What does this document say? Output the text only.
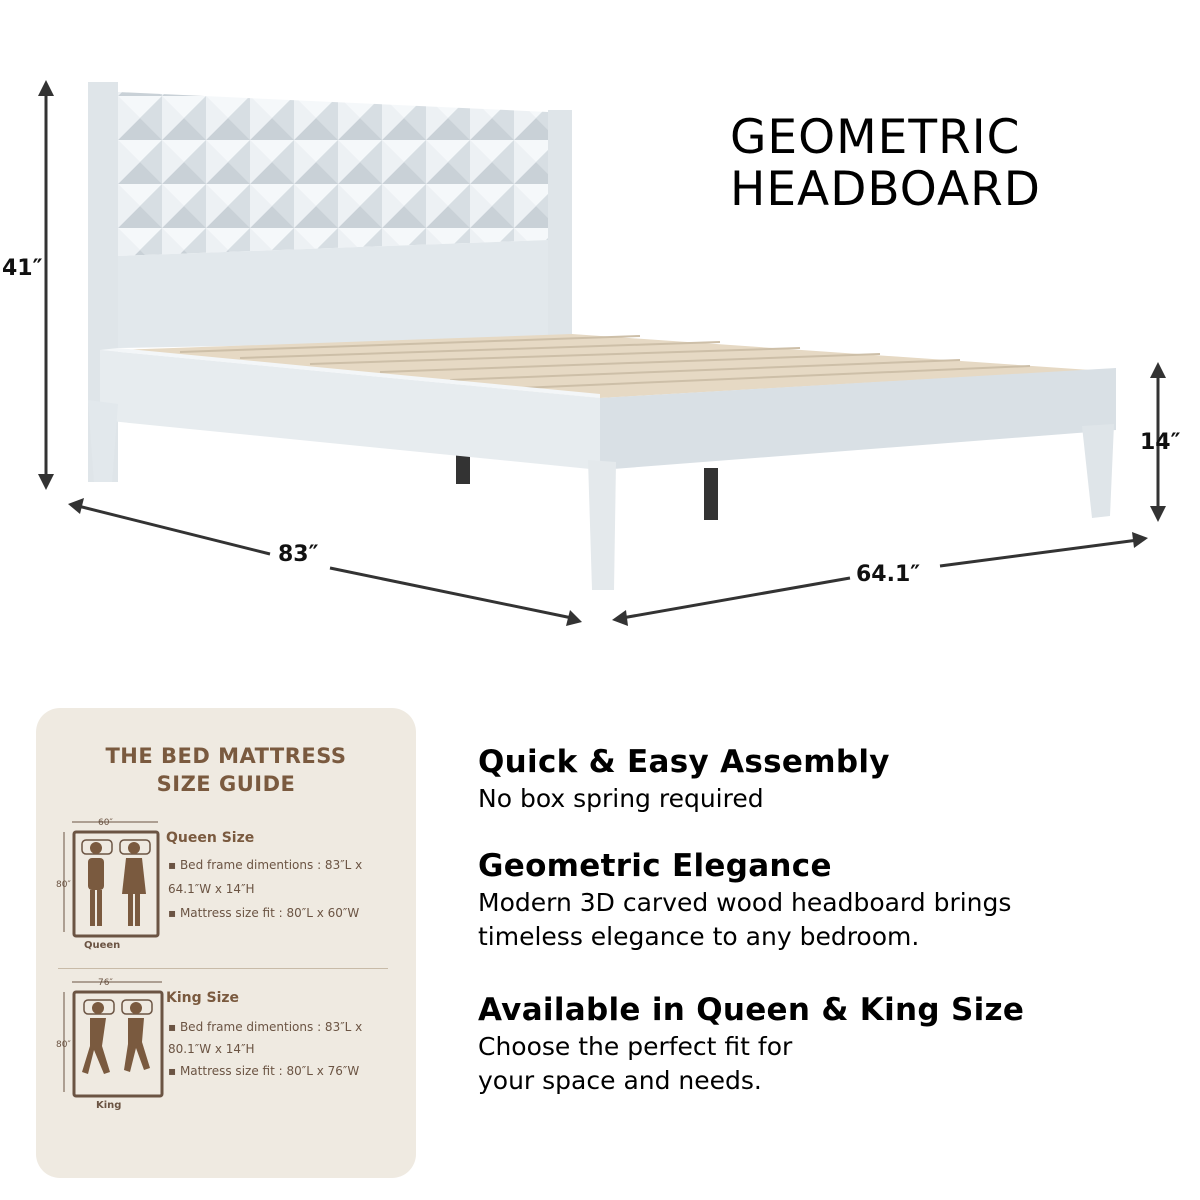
GEOMETRIC
HEADBOARD
41″
83″
64.1″
14″
THE BED MATTRESS
SIZE GUIDE
60″
80″
Queen
Queen Size
▪ Bed frame dimentions : 83″L x
64.1″W x 14″H
▪ Mattress size fit : 80″L x 60″W
76″
80″
King
King Size
▪ Bed frame dimentions : 83″L x
80.1″W x 14″H
▪ Mattress size fit : 80″L x 76″W
Quick & Easy Assembly
No box spring required
Geometric Elegance
Modern 3D carved wood headboard brings
timeless elegance to any bedroom.
Available in Queen & King Size
Choose the perfect fit for
your space and needs.
